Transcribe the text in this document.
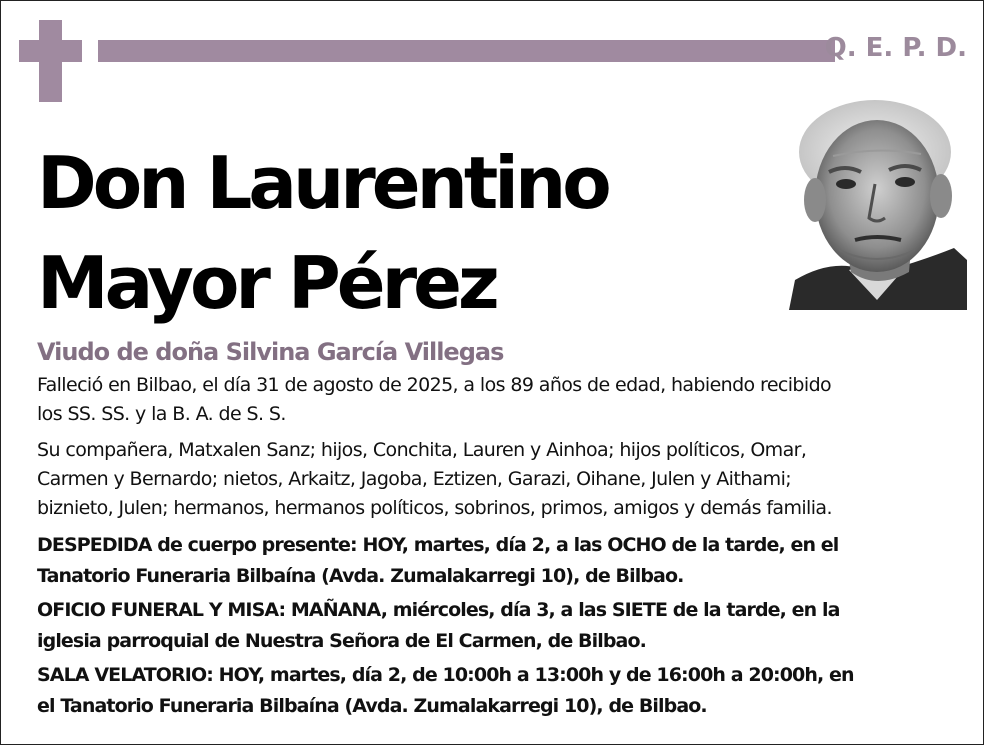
Q. E. P. D.
Don Laurentino
Mayor Pérez
Viudo de doña Silvina García Villegas
Falleció en Bilbao, el día 31 de agosto de 2025, a los 89 años de edad, habiendo recibido
los SS. SS. y la B. A. de S. S.
Su compañera, Matxalen Sanz; hijos, Conchita, Lauren y Ainhoa; hijos políticos, Omar,
Carmen y Bernardo; nietos, Arkaitz, Jagoba, Eztizen, Garazi, Oihane, Julen y Aithami;
biznieto, Julen; hermanos, hermanos políticos, sobrinos, primos, amigos y demás familia.
DESPEDIDA de cuerpo presente: HOY, martes, día 2, a las OCHO de la tarde, en el
Tanatorio Funeraria Bilbaína (Avda. Zumalakarregi 10), de Bilbao.
OFICIO FUNERAL Y MISA: MAÑANA, miércoles, día 3, a las SIETE de la tarde, en la
iglesia parroquial de Nuestra Señora de El Carmen, de Bilbao.
SALA VELATORIO: HOY, martes, día 2, de 10:00h a 13:00h y de 16:00h a 20:00h, en
el Tanatorio Funeraria Bilbaína (Avda. Zumalakarregi 10), de Bilbao.
